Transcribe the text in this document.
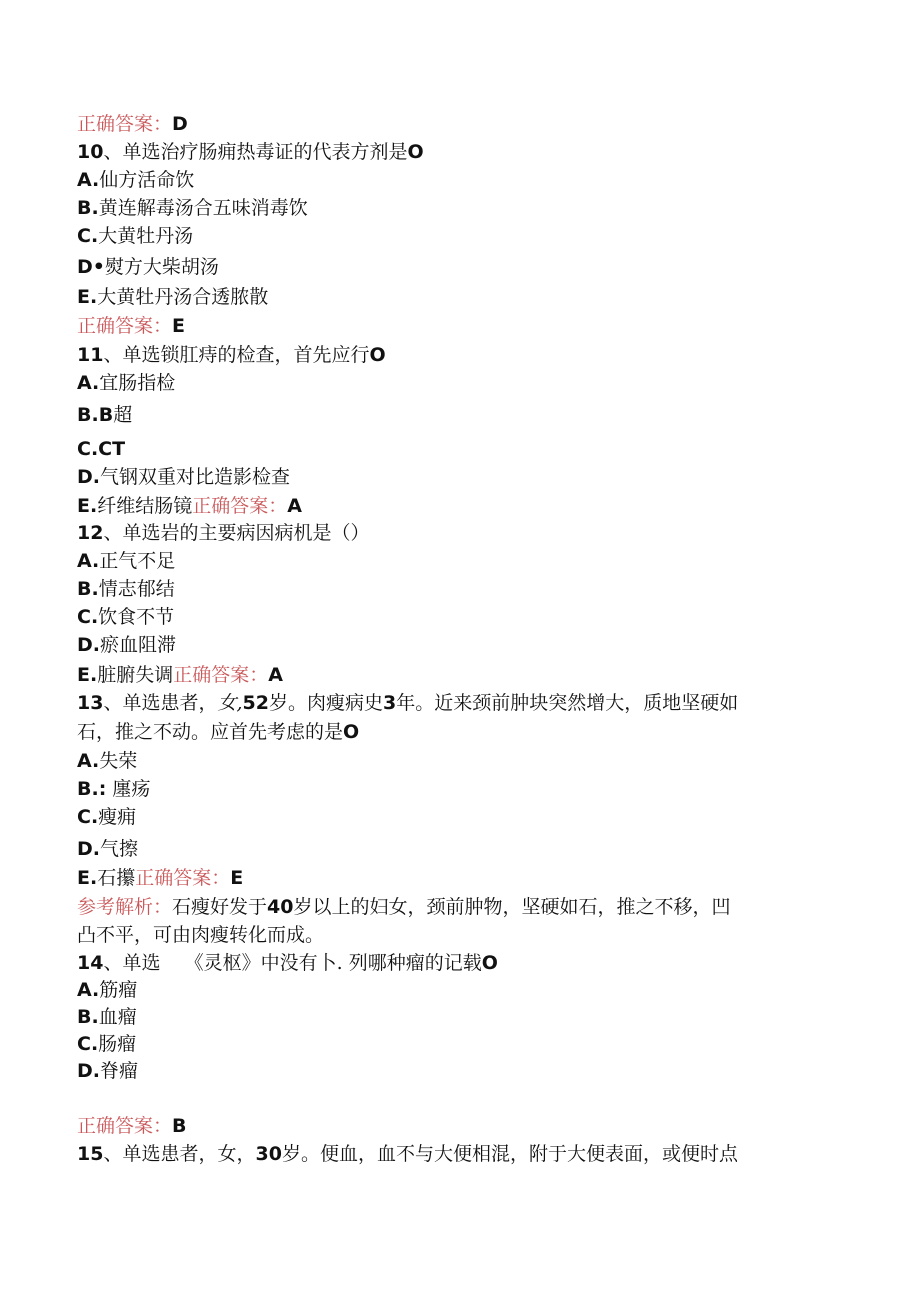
正确答案：D
10、单选治疗肠痈热毒证的代表方剂是O
A.仙方活命饮
B.黄连解毒汤合五味消毒饮
C.大黄牡丹汤
D•熨方大柴胡汤
E.大黄牡丹汤合透脓散
正确答案：E
11、单选锁肛痔的检查，首先应行O
A.宜肠指检
B.B超
C.CT
D.气钢双重对比造影检查
E.纤维结肠镜正确答案：A
12、单选岩的主要病因病机是（）
A.正气不足
B.情志郁结
C.饮食不节
D.瘀血阻滞
E.脏腑失调正确答案：A
13、单选患者，女,52岁。肉瘦病史3年。近来颈前肿块突然增大，质地坚硬如
石，推之不动。应首先考虑的是O
A.失荣
B.: 廛疡
C.瘦痈
D.气擦
E.石攥正确答案：E
参考解析：石瘦好发于40岁以上的妇女，颈前肿物，坚硬如石，推之不移，凹
凸不平，可由肉瘦转化而成。
14、单选    《灵枢》中没有卜. 列哪种瘤的记载O
A.筋瘤
B.血瘤
C.肠瘤
D.脊瘤
正确答案：B
15、单选患者，女，30岁。便血，血不与大便相混，附于大便表面，或便时点
